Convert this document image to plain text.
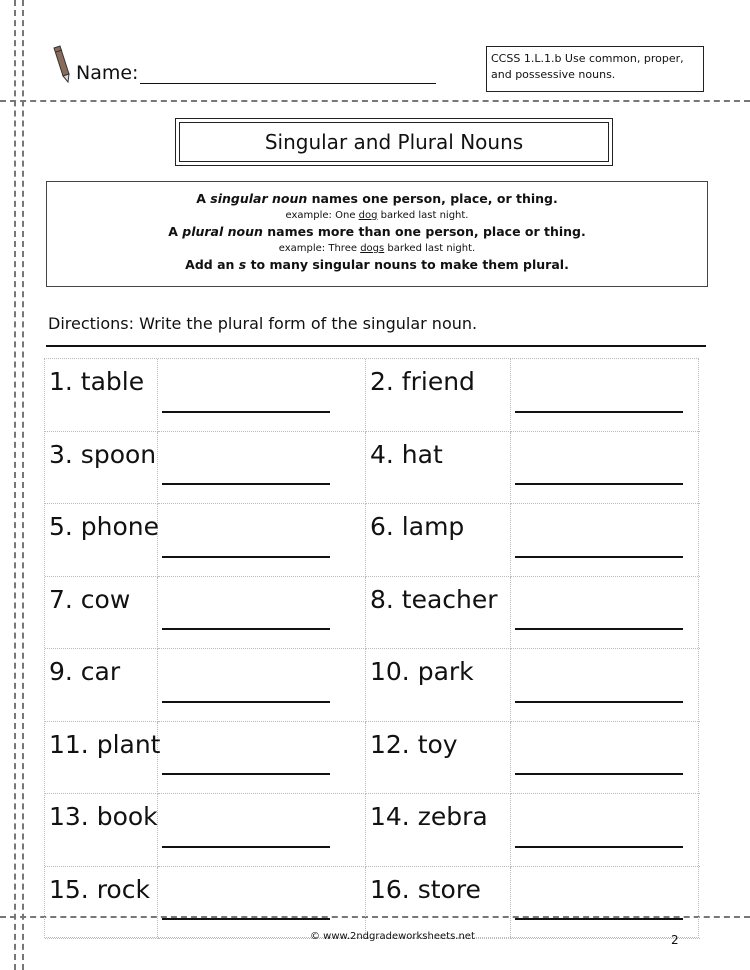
Name:
CCSS 1.L.1.b Use common, proper, and possessive nouns.
Singular and Plural Nouns
A singular noun names one person, place, or thing.
example: One dog barked last night.
A plural noun names more than one person, place or thing.
example: Three dogs barked last night.
Add an s to many singular nouns to make them plural.
Directions: Write the plural form of the singular noun.
1. table	2. friend
3. spoon	4. hat
5. phone	6. lamp
7. cow	8. teacher
9. car	10. park
11. plant	12. toy
13. book	14. zebra
15. rock	16. store
© www.2ndgradeworksheets.net	2
